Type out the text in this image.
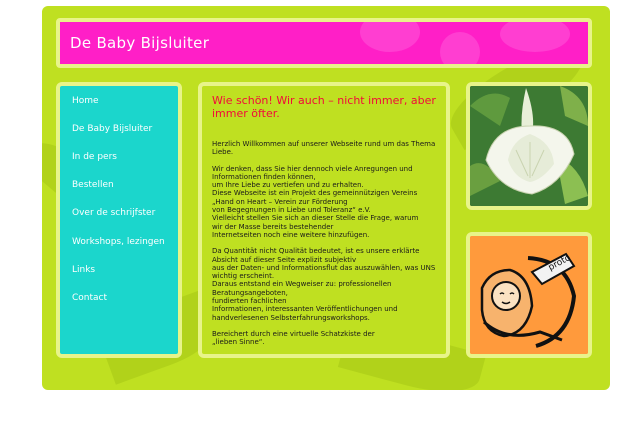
De Baby Bijsluiter
Home
De Baby Bijsluiter
In de pers
Bestellen
Over de schrijfster
Workshops, lezingen
Links
Contact
Wie schön! Wir auch – nicht immer, aber immer öfter.

Herzlich Willkommen auf unserer Webseite rund um das Thema Liebe.

Wir denken, dass Sie hier dennoch viele Anregungen und Informationen finden können,
um Ihre Liebe zu vertiefen und zu erhalten.
Diese Webseite ist ein Projekt des gemeinnützigen Vereins
„Hand on Heart – Verein zur Förderung
von Begegnungen in Liebe und Toleranz“ e.V.
Vielleicht stellen Sie sich an dieser Stelle die Frage, warum
wir der Masse bereits bestehender
Internetseiten noch eine weitere hinzufügen.

Da Quantität nicht Qualität bedeutet, ist es unsere erklärte Absicht auf dieser Seite explizit subjektiv
aus der Daten- und Informationsflut das auszuwählen, was UNS wichtig erscheint.
Daraus entstand ein Wegweiser zu: professionellen Beratungsangeboten,
fundierten fachlichen
Informationen, interessanten Veröffentlichungen und handverlesenen Selbsterfahrungsworkshops.

Bereichert durch eine virtuelle Schatzkiste der
„lieben Sinne“.

proto
